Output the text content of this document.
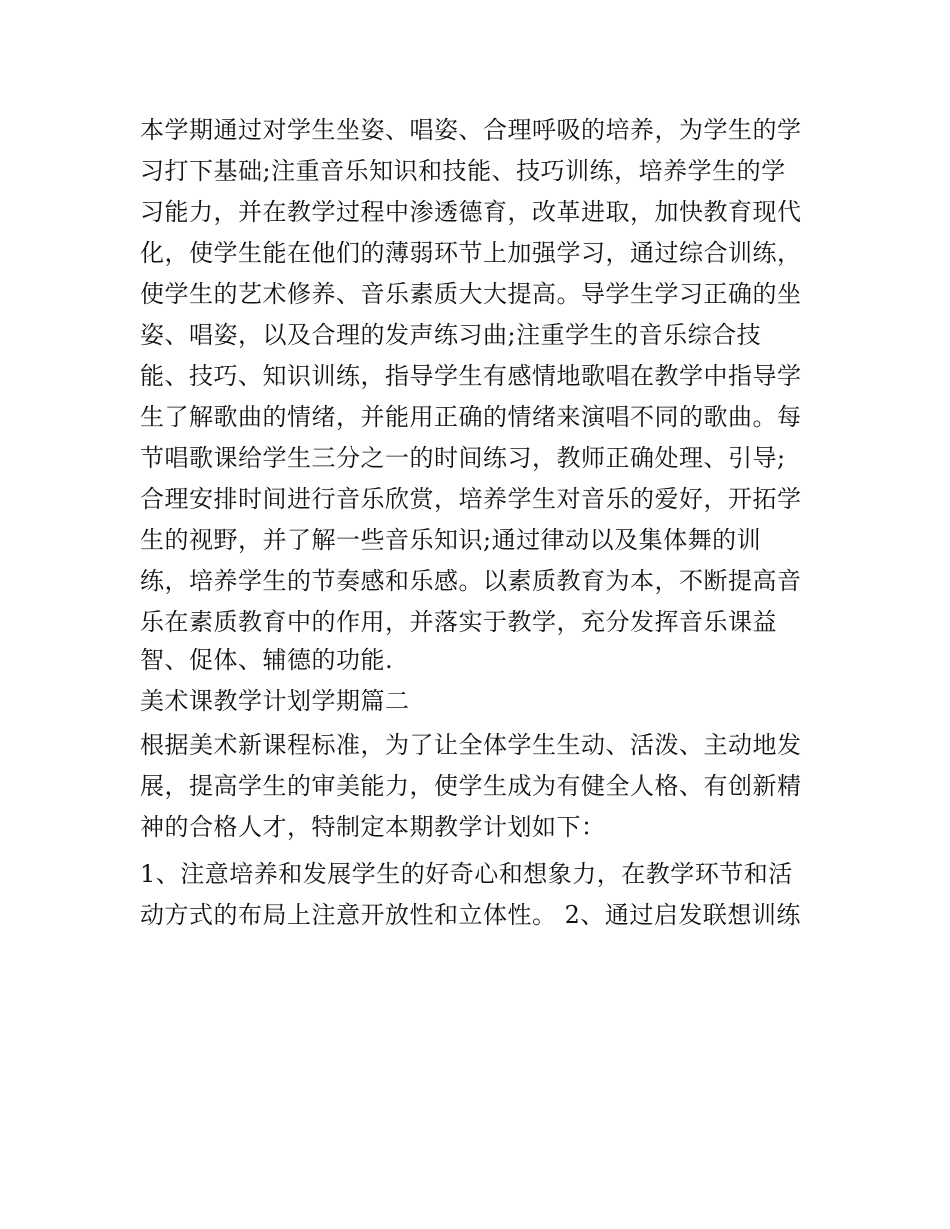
本学期通过对学生坐姿、唱姿、合理呼吸的培养，为学生的学
习打下基础;注重音乐知识和技能、技巧训练，培养学生的学
习能力，并在教学过程中渗透德育，改革进取，加快教育现代
化，使学生能在他们的薄弱环节上加强学习，通过综合训练，
使学生的艺术修养、音乐素质大大提高。导学生学习正确的坐
姿、唱姿，以及合理的发声练习曲;注重学生的音乐综合技
能、技巧、知识训练，指导学生有感情地歌唱在教学中指导学
生了解歌曲的情绪，并能用正确的情绪来演唱不同的歌曲。每
节唱歌课给学生三分之一的时间练习，教师正确处理、引导;
合理安排时间进行音乐欣赏，培养学生对音乐的爱好，开拓学
生的视野，并了解一些音乐知识;通过律动以及集体舞的训
练，培养学生的节奏感和乐感。以素质教育为本，不断提高音
乐在素质教育中的作用，并落实于教学，充分发挥音乐课益
智、促体、辅德的功能.
美术课教学计划学期篇二
根据美术新课程标准，为了让全体学生生动、活泼、主动地发
展，提高学生的审美能力，使学生成为有健全人格、有创新精
神的合格人才，特制定本期教学计划如下：
1、注意培养和发展学生的好奇心和想象力，在教学环节和活
动方式的布局上注意开放性和立体性。 2、通过启发联想训练
